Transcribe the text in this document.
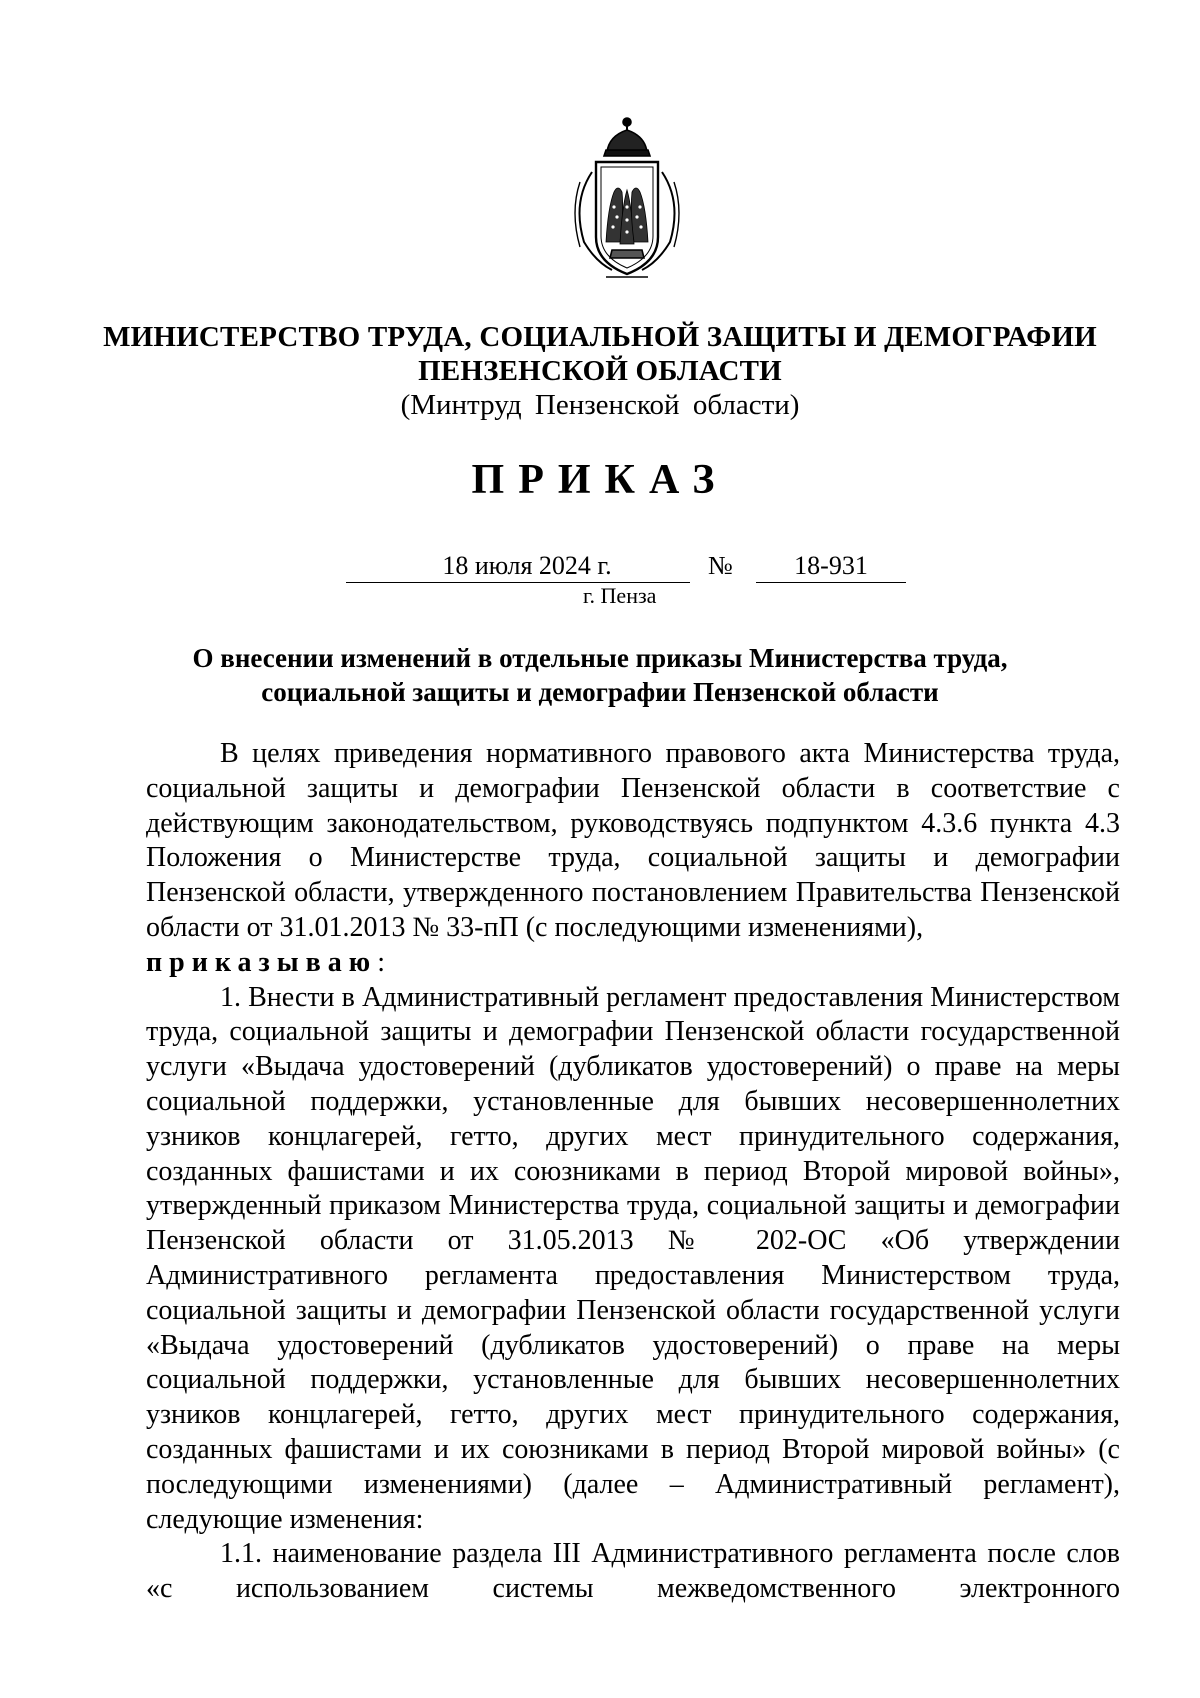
МИНИСТЕРСТВО ТРУДА, СОЦИАЛЬНОЙ ЗАЩИТЫ И ДЕМОГРАФИИ
ПЕНЗЕНСКОЙ ОБЛАСТИ
(Минтруд Пензенской области)
ПРИКАЗ
18 июля 2024 г.	№	18-931
г. Пенза
О внесении изменений в отдельные приказы Министерства труда,
социальной защиты и демографии Пензенской области

В целях приведения нормативного правового акта Министерства труда, социальной защиты и демографии Пензенской области в соответствие с действующим законодательством, руководствуясь подпунктом 4.3.6 пункта 4.3 Положения о Министерстве труда, социальной защиты и демографии Пензенской области, утвержденного постановлением Правительства Пензенской области от 31.01.2013 № 33-пП (с последующими изменениями),

приказываю:

1. Внести в Административный регламент предоставления Министерством труда, социальной защиты и демографии Пензенской области государственной услуги «Выдача удостоверений (дубликатов удостоверений) о праве на меры социальной поддержки, установленные для бывших несовершеннолетних узников концлагерей, гетто, других мест принудительного содержания, созданных фашистами и их союзниками в период Второй мировой войны», утвержденный приказом Министерства труда, социальной защиты и демографии Пензенской области от 31.05.2013 № 202-ОС «Об утверждении Административного регламента предоставления Министерством труда, социальной защиты и демографии Пензенской области государственной услуги «Выдача удостоверений (дубликатов удостоверений) о праве на меры социальной поддержки, установленные для бывших несовершеннолетних узников концлагерей, гетто, других мест принудительного содержания, созданных фашистами и их союзниками в период Второй мировой войны» (с последующими изменениями) (далее – Административный регламент), следующие изменения:

1.1. наименование раздела III Административного регламента после слов «с использованием системы межведомственного электронного
